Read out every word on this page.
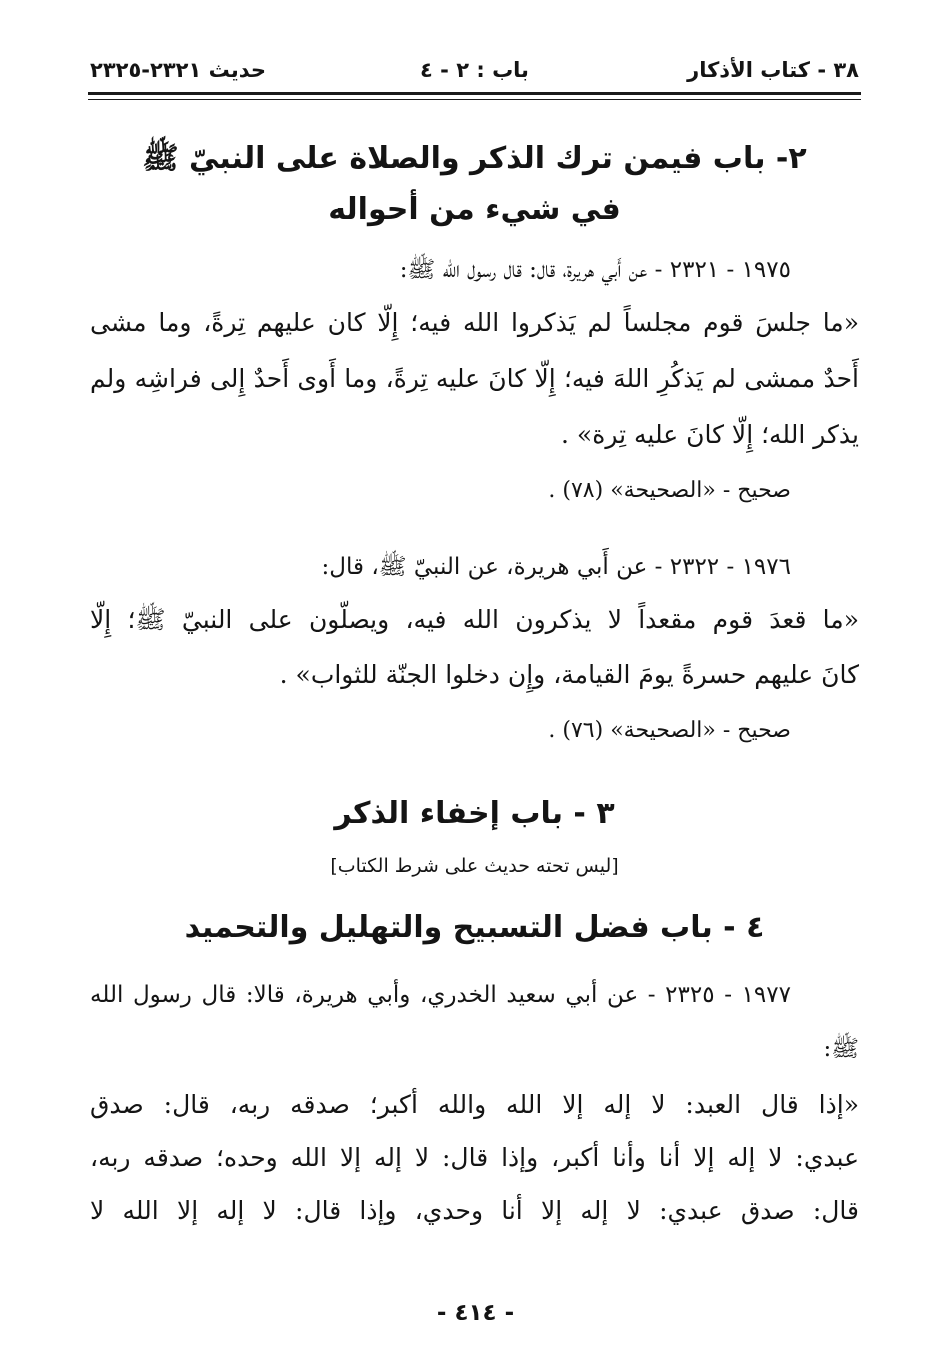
٣٨ - كتاب الأذكار
باب : ٢ - ٤
حديث ٢٣٢١-٢٣٢٥
٢- باب فيمن ترك الذكر والصلاة على النبيّ ﷺ
في شيء من أحواله
١٩٧٥ - ٢٣٢١ - عن أَبي هريرة، قال: قال رسول الله ﷺ:
«ما جلسَ قوم مجلساً لم يَذكروا الله فيه؛ إِلّا كان عليهم تِرةً، وما مشى
أَحدٌ ممشى لم يَذكُرِ اللهَ فيه؛ إِلّا كانَ عليه تِرةً، وما أَوى أَحدٌ إِلى فراشِه ولم
يذكر الله؛ إِلّا كانَ عليه تِرة» .
صحيح - «الصحيحة» (٧٨) .
١٩٧٦ - ٢٣٢٢ - عن أَبي هريرة، عن النبيّ ﷺ، قال:
«ما قعدَ قوم مقعداً لا يذكرون الله فيه، ويصلّون على النبيّ ﷺ؛ إِلّا
كانَ عليهم حسرةً يومَ القيامة، وإِن دخلوا الجنّة للثواب» .
صحيح - «الصحيحة» (٧٦) .
٣ - باب إخفاء الذكر
[ليس تحته حديث على شرط الكتاب]
٤ - باب فضل التسبيح والتهليل والتحميد
١٩٧٧ - ٢٣٢٥ - عن أبي سعيد الخدري، وأبي هريرة، قالا: قال رسول الله
ﷺ:
«إذا قال العبد: لا إله إلا الله والله أكبر؛ صدقه ربه، قال: صدق
عبدي: لا إله إلا أنا وأنا أكبر، وإذا قال: لا إله إلا الله وحده؛ صدقه ربه،
قال: صدق عبدي: لا إله إلا أنا وحدي، وإذا قال: لا إله إلا الله لا
- ٤١٤ -
